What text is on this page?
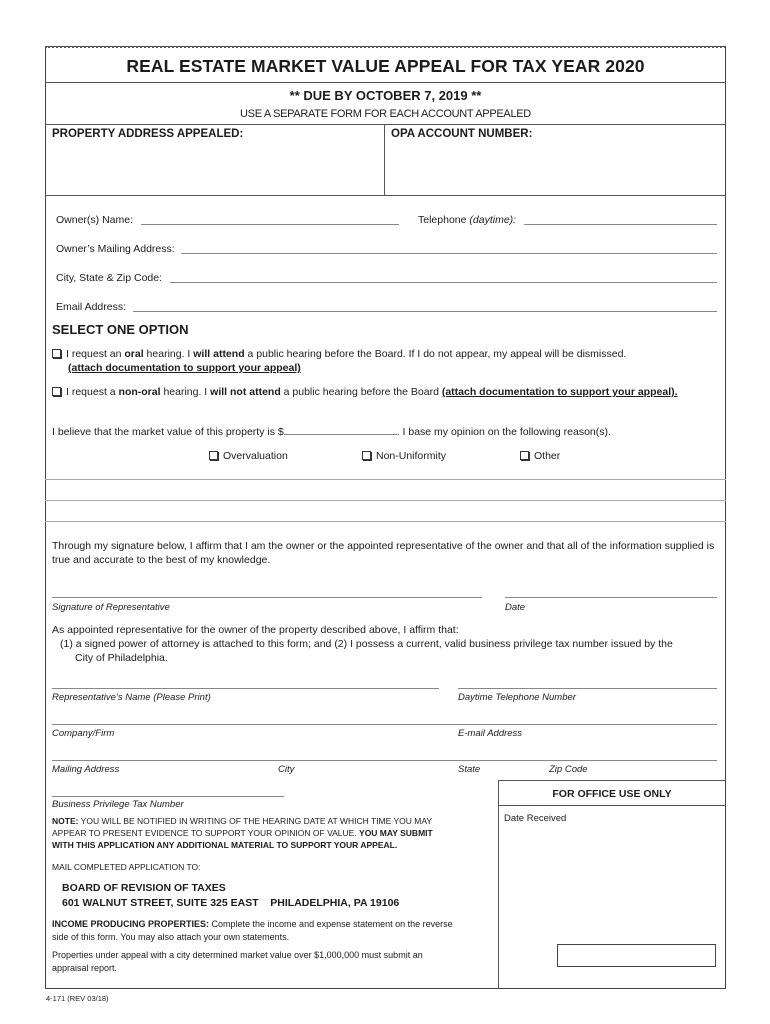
REAL ESTATE MARKET VALUE APPEAL FOR TAX YEAR 2020
** DUE BY OCTOBER 7, 2019 **
USE A SEPARATE FORM FOR EACH ACCOUNT APPEALED
PROPERTY ADDRESS APPEALED:	OPA ACCOUNT NUMBER:
Owner(s) Name:	Telephone (daytime):
Owner’s Mailing Address:
City, State & Zip Code:
Email Address:
SELECT ONE OPTION
I request an oral hearing. I will attend a public hearing before the Board. If I do not appear, my appeal will be dismissed.
(attach documentation to support your appeal)
I request a non-oral hearing. I will not attend a public hearing before the Board (attach documentation to support your appeal).
I believe that the market value of this property is $	. I base my opinion on the following reason(s).
Overvaluation	Non-Uniformity	Other
Through my signature below, I affirm that I am the owner or the appointed representative of the owner and that all of the information supplied is true and accurate to the best of my knowledge.
Signature of Representative	Date
As appointed representative for the owner of the property described above, I affirm that:
(1) a signed power of attorney is attached to this form; and (2) I possess a current, valid business privilege tax number issued by the
City of Philadelphia.
Representative’s Name (Please Print)	Daytime Telephone Number
Company/Firm	E-mail Address
Mailing Address	City	State	Zip Code
Business Privilege Tax Number
FOR OFFICE USE ONLY
Date Received
NOTE: YOU WILL BE NOTIFIED IN WRITING OF THE HEARING DATE AT WHICH TIME YOU MAY APPEAR TO PRESENT EVIDENCE TO SUPPORT YOUR OPINION OF VALUE. YOU MAY SUBMIT WITH THIS APPLICATION ANY ADDITIONAL MATERIAL TO SUPPORT YOUR APPEAL.
MAIL COMPLETED APPLICATION TO:
BOARD OF REVISION OF TAXES
601 WALNUT STREET, SUITE 325 EAST    PHILADELPHIA, PA 19106
INCOME PRODUCING PROPERTIES: Complete the income and expense statement on the reverse side of this form. You may also attach your own statements.
Properties under appeal with a city determined market value over $1,000,000 must submit an appraisal report.
4-171 (REV 03/18)
